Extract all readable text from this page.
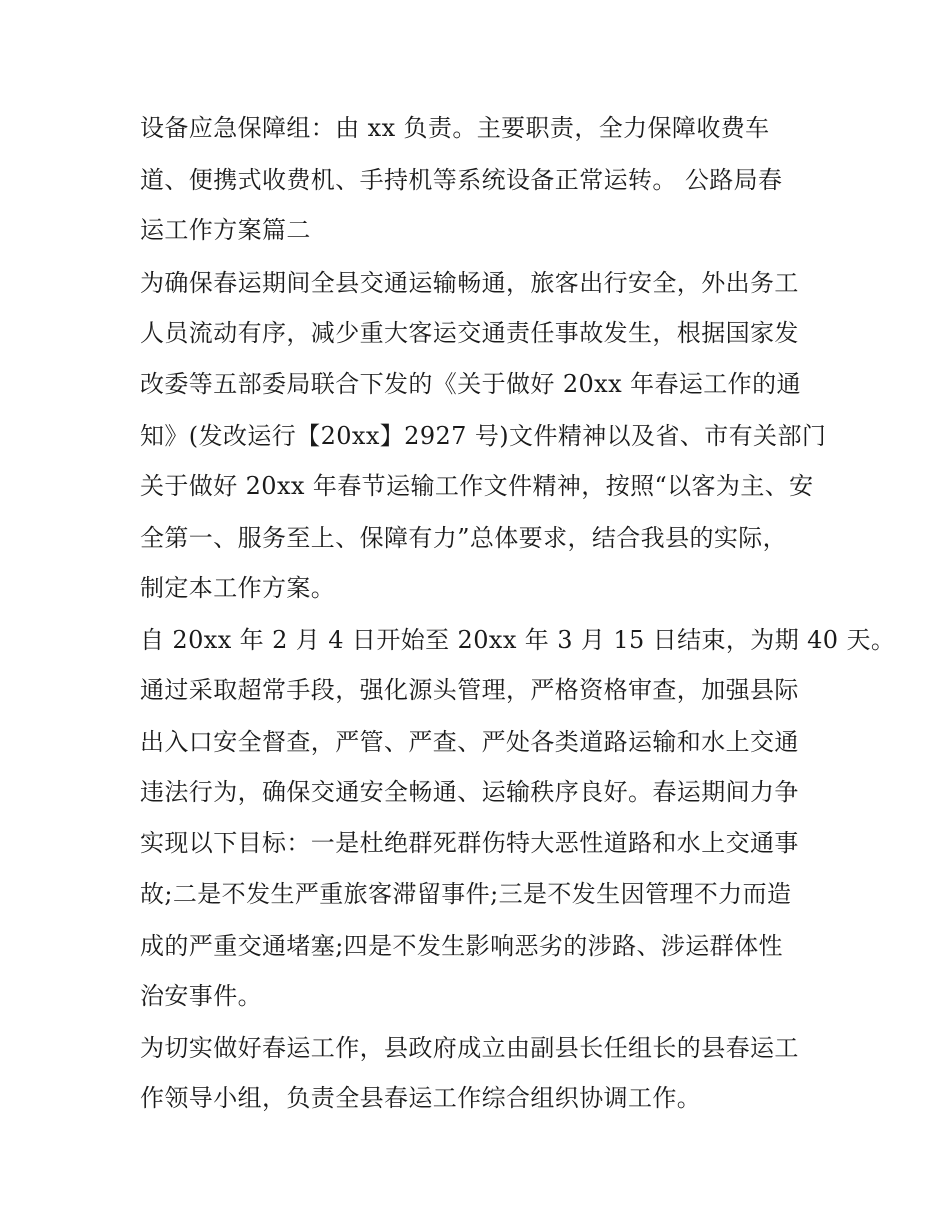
设备应急保障组：由 xx 负责。主要职责，全力保障收费车
道、便携式收费机、手持机等系统设备正常运转。 公路局春
运工作方案篇二
为确保春运期间全县交通运输畅通，旅客出行安全，外出务工
人员流动有序，减少重大客运交通责任事故发生，根据国家发
改委等五部委局联合下发的《关于做好 20xx 年春运工作的通
知》(发改运行【20xx】2927 号)文件精神以及省、市有关部门
关于做好 20xx 年春节运输工作文件精神，按照“以客为主、安
全第一、服务至上、保障有力”总体要求，结合我县的实际，
制定本工作方案。
自 20xx 年 2 月 4 日开始至 20xx 年 3 月 15 日结束，为期 40 天。
通过采取超常手段，强化源头管理，严格资格审查，加强县际
出入口安全督查，严管、严查、严处各类道路运输和水上交通
违法行为，确保交通安全畅通、运输秩序良好。春运期间力争
实现以下目标：一是杜绝群死群伤特大恶性道路和水上交通事
故;二是不发生严重旅客滞留事件;三是不发生因管理不力而造
成的严重交通堵塞;四是不发生影响恶劣的涉路、涉运群体性
治安事件。
为切实做好春运工作，县政府成立由副县长任组长的县春运工
作领导小组，负责全县春运工作综合组织协调工作。
